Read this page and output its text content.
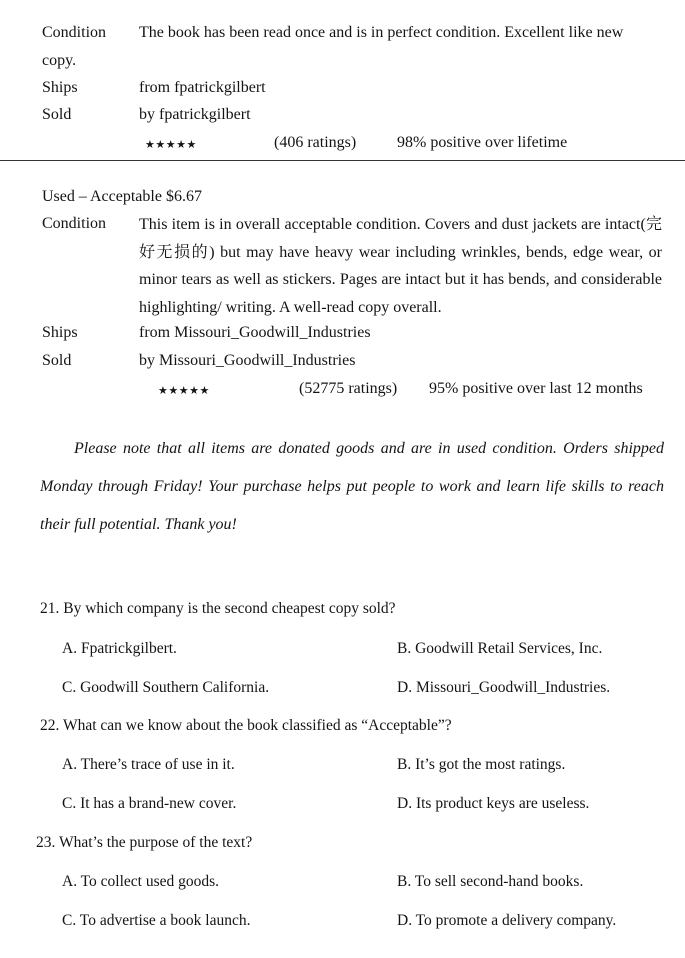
Condition The book has been read once and is in perfect condition. Excellent like new
copy.
Ships	from fpatrickgilbert
Sold	by fpatrickgilbert
★★★★★	(406 ratings)	98% positive over lifetime
Used – Acceptable $6.67
Condition This item is in overall acceptable condition. Covers and dust jackets are intact(完好无损的) but may have heavy wear including wrinkles, bends, edge wear, or minor tears as well as stickers. Pages are intact but it has bends, and considerable highlighting/ writing. A well-read copy overall.
Ships	from Missouri_Goodwill_Industries
Sold	by Missouri_Goodwill_Industries
★★★★★	(52775 ratings) 95% positive over last 12 months
Please note that all items are donated goods and are in used condition. Orders shipped Monday through Friday! Your purchase helps put people to work and learn life skills to reach their full potential. Thank you!
21. By which company is the second cheapest copy sold?
A. Fpatrickgilbert.	B. Goodwill Retail Services, Inc.
C. Goodwill Southern California.	D. Missouri_Goodwill_Industries.
22. What can we know about the book classified as “Acceptable”?
A. There’s trace of use in it.	B. It’s got the most ratings.
C. It has a brand-new cover.	D. Its product keys are useless.
23. What’s the purpose of the text?
A. To collect used goods.	B. To sell second-hand books.
C. To advertise a book launch.	D. To promote a delivery company.
